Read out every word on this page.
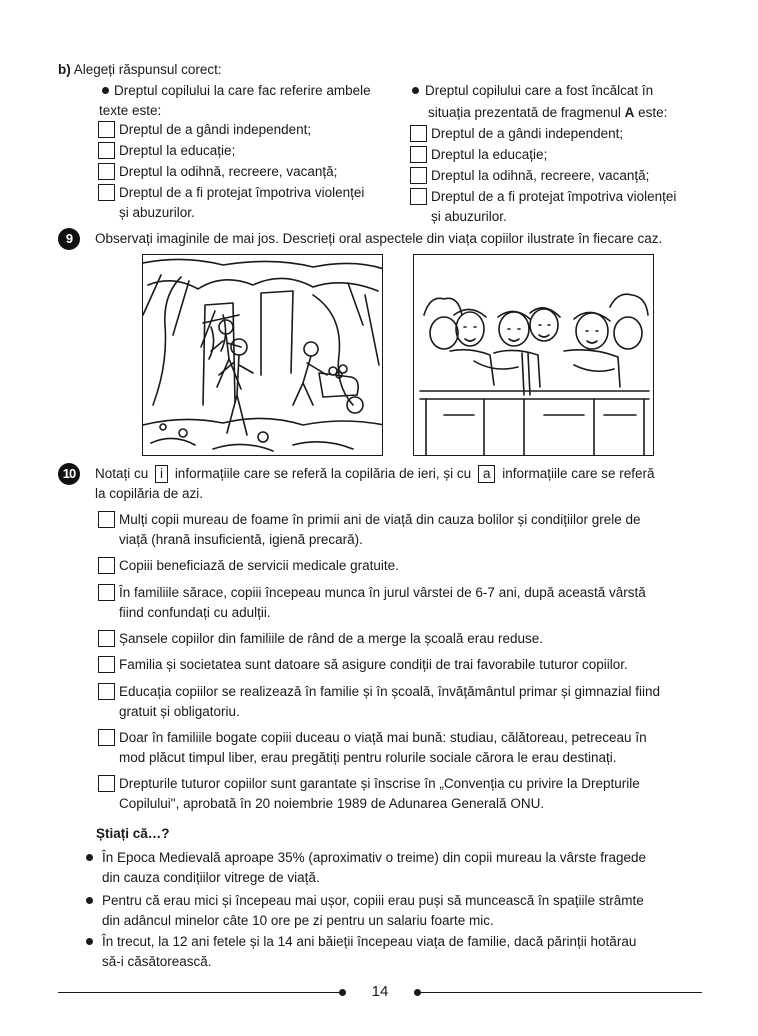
b) Alegeți răspunsul corect:
Dreptul copilului la care fac referire ambele
texte este:
Dreptul de a gândi independent;
Dreptul la educație;
Dreptul la odihnă, recreere, vacanță;
Dreptul de a fi protejat împotriva violenței
și abuzurilor.
Dreptul copilului care a fost încălcat în
situația prezentată de fragmenul A este:
Dreptul de a gândi independent;
Dreptul la educație;
Dreptul la odihnă, recreere, vacanță;
Dreptul de a fi protejat împotriva violenței
și abuzurilor.
9	Observați imaginile de mai jos. Descrieți oral aspectele din viața copiilor ilustrate în fiecare caz.
10	Notați cu i informațiile care se referă la copilăria de ieri, și cu a informațiile care se referă
la copilăria de azi.
Mulți copii mureau de foame în primii ani de viață din cauza bolilor și condițiilor grele de
viață (hrană insuficientă, igienă precară).
Copiii beneficiază de servicii medicale gratuite.
În familiile sărace, copiii începeau munca în jurul vârstei de 6-7 ani, după această vârstă
fiind confundați cu adulții.
Șansele copiilor din familiile de rând de a merge la școală erau reduse.
Familia și societatea sunt datoare să asigure condiții de trai favorabile tuturor copiilor.
Educația copiilor se realizează în familie și în școală, învățământul primar și gimnazial fiind
gratuit și obligatoriu.
Doar în familiile bogate copiii duceau o viață mai bună: studiau, călătoreau, petreceau în
mod plăcut timpul liber, erau pregătiți pentru rolurile sociale cărora le erau destinați.
Drepturile tuturor copiilor sunt garantate și înscrise în „Convenția cu privire la Drepturile
Copilului", aprobată în 20 noiembrie 1989 de Adunarea Generală ONU.
Știați că…?
În Epoca Medievală aproape 35% (aproximativ o treime) din copii mureau la vârste fragede
din cauza condițiilor vitrege de viață.
Pentru că erau mici și începeau mai ușor, copiii erau puși să muncească în spațiile strâmte
din adâncul minelor câte 10 ore pe zi pentru un salariu foarte mic.
În trecut, la 12 ani fetele și la 14 ani băieții începeau viața de familie, dacă părinții hotărau
să-i căsătorească.
14
